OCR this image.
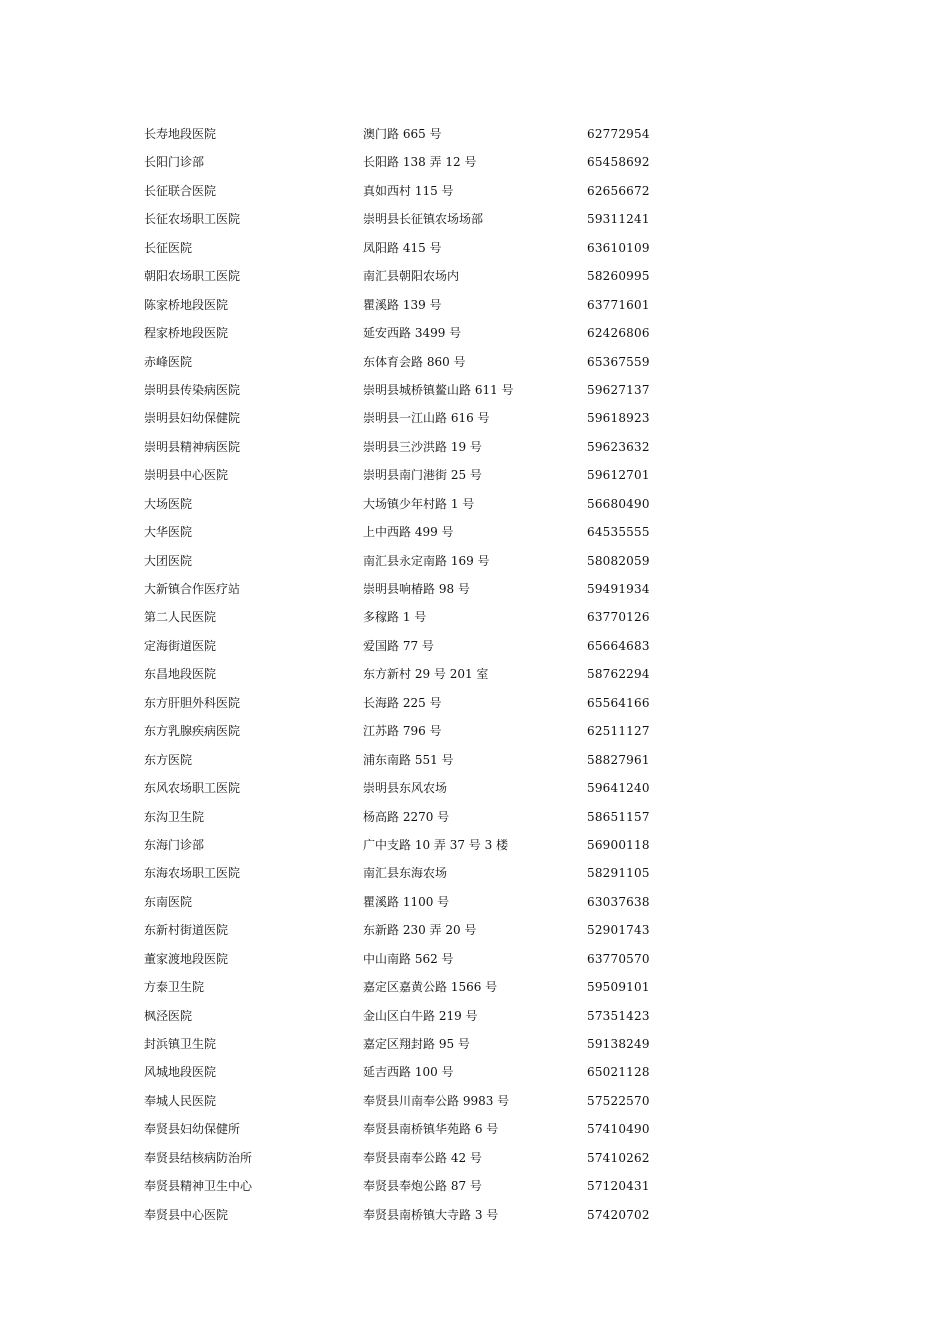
长寿地段医院	澳门路 665 号	62772954
长阳门诊部	长阳路 138 弄 12 号	65458692
长征联合医院	真如西村 115 号	62656672
长征农场职工医院	崇明县长征镇农场场部	59311241
长征医院	凤阳路 415 号	63610109
朝阳农场职工医院	南汇县朝阳农场内	58260995
陈家桥地段医院	瞿溪路 139 号	63771601
程家桥地段医院	延安西路 3499 号	62426806
赤峰医院	东体育会路 860 号	65367559
崇明县传染病医院	崇明县城桥镇鳌山路 611 号	59627137
崇明县妇幼保健院	崇明县一江山路 616 号	59618923
崇明县精神病医院	崇明县三沙洪路 19 号	59623632
崇明县中心医院	崇明县南门港街 25 号	59612701
大场医院	大场镇少年村路 1 号	56680490
大华医院	上中西路 499 号	64535555
大团医院	南汇县永定南路 169 号	58082059
大新镇合作医疗站	崇明县响椿路 98 号	59491934
第二人民医院	多稼路 1 号	63770126
定海街道医院	爱国路 77 号	65664683
东昌地段医院	东方新村 29 号 201 室	58762294
东方肝胆外科医院	长海路 225 号	65564166
东方乳腺疾病医院	江苏路 796 号	62511127
东方医院	浦东南路 551 号	58827961
东风农场职工医院	崇明县东风农场	59641240
东沟卫生院	杨高路 2270 号	58651157
东海门诊部	广中支路 10 弄 37 号 3 楼	56900118
东海农场职工医院	南汇县东海农场	58291105
东南医院	瞿溪路 1100 号	63037638
东新村街道医院	东新路 230 弄 20 号	52901743
董家渡地段医院	中山南路 562 号	63770570
方泰卫生院	嘉定区嘉黄公路 1566 号	59509101
枫泾医院	金山区白牛路 219 号	57351423
封浜镇卫生院	嘉定区翔封路 95 号	59138249
风城地段医院	延吉西路 100 号	65021128
奉城人民医院	奉贤县川南奉公路 9983 号	57522570
奉贤县妇幼保健所	奉贤县南桥镇华苑路 6 号	57410490
奉贤县结核病防治所	奉贤县南奉公路 42 号	57410262
奉贤县精神卫生中心	奉贤县奉炮公路 87 号	57120431
奉贤县中心医院	奉贤县南桥镇大寺路 3 号	57420702
